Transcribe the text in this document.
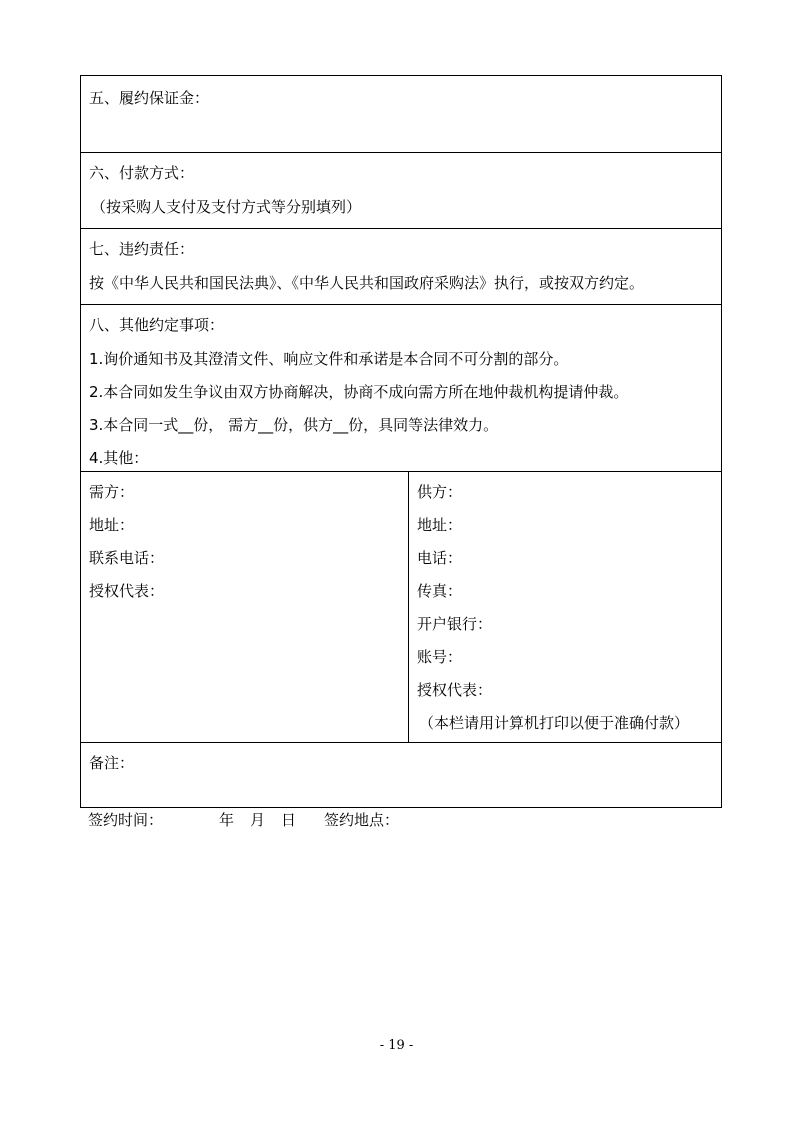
五、履约保证金：
六、付款方式：
（按采购人支付及支付方式等分别填列）
七、违约责任：
按《中华人民共和国民法典》、《中华人民共和国政府采购法》执行，或按双方约定。
八、其他约定事项：
1.询价通知书及其澄清文件、响应文件和承诺是本合同不可分割的部分。
2.本合同如发生争议由双方协商解决，协商不成向需方所在地仲裁机构提请仲裁。
3.本合同一式__份， 需方__份，供方__份，具同等法律效力。
4.其他：
需方：
地址：
联系电话：
授权代表：
供方：
地址：
电话：
传真：
开户银行：
账号：
授权代表：
（本栏请用计算机打印以便于准确付款）
备注：
签约时间：	年 月 日 签约地点：
- 19 -
